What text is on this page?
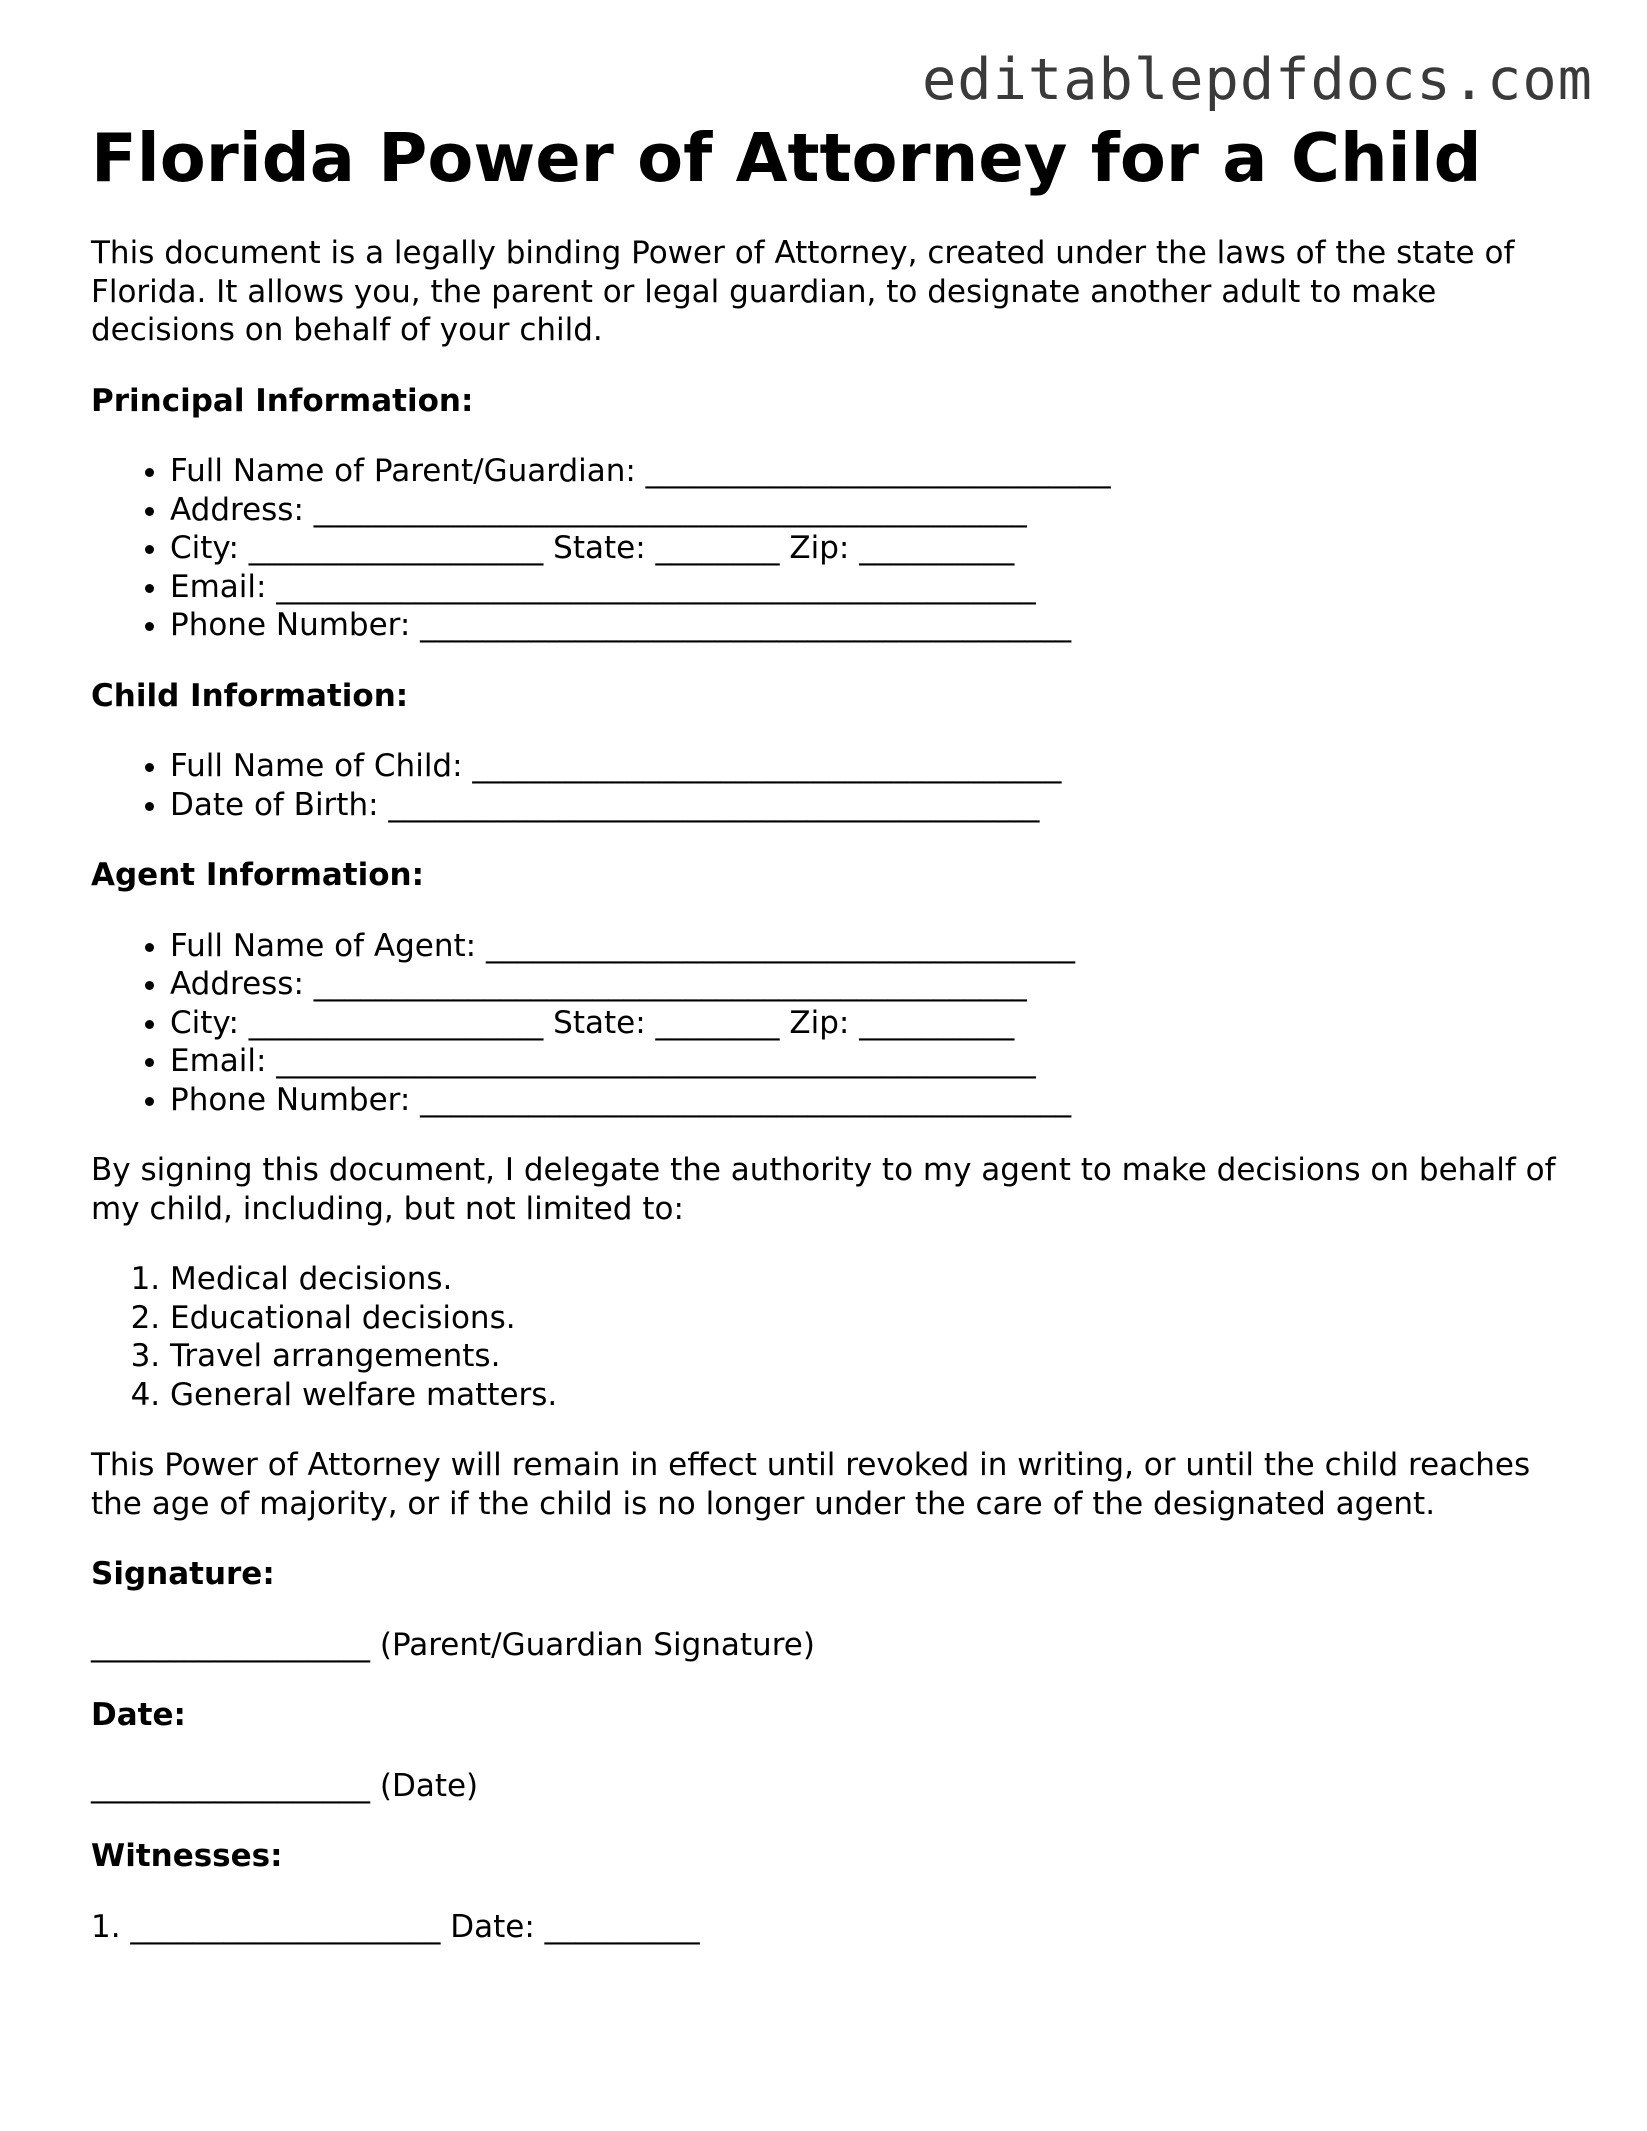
editablepdfdocs.com
Florida Power of Attorney for a Child

This document is a legally binding Power of Attorney, created under the laws of the state of Florida. It allows you, the parent or legal guardian, to designate another adult to make decisions on behalf of your child.

Principal Information:
• Full Name of Parent/Guardian: ______________________________
• Address: ______________________________________________
• City: ___________________ State: ________ Zip: __________
• Email: _________________________________________________
• Phone Number: __________________________________________
Child Information:
• Full Name of Child: ______________________________________
• Date of Birth: __________________________________________
Agent Information:
• Full Name of Agent: ______________________________________
• Address: ______________________________________________
• City: ___________________ State: ________ Zip: __________
• Email: _________________________________________________
• Phone Number: __________________________________________

By signing this document, I delegate the authority to my agent to make decisions on behalf of my child, including, but not limited to:

1. Medical decisions.
2. Educational decisions.
3. Travel arrangements.
4. General welfare matters.

This Power of Attorney will remain in effect until revoked in writing, or until the child reaches the age of majority, or if the child is no longer under the care of the designated agent.

Signature:

__________________ (Parent/Guardian Signature)

Date:

__________________ (Date)

Witnesses:

1. ____________________ Date: __________
